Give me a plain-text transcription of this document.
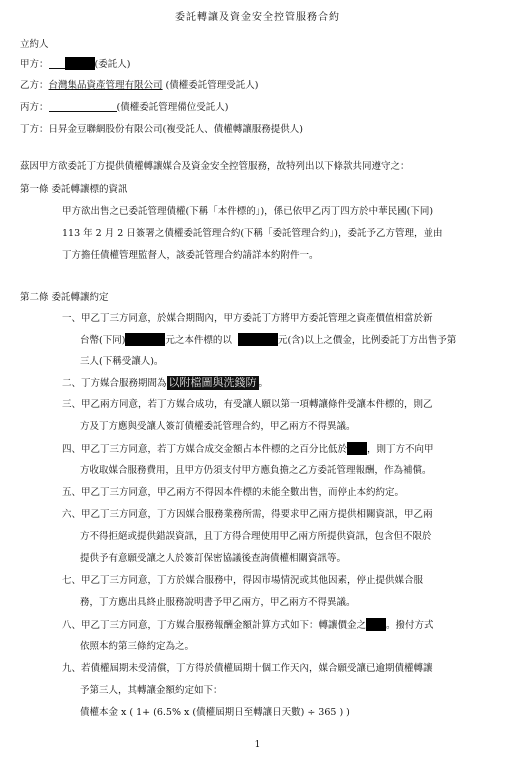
委託轉讓及資金安全控管服務合約
立約人
甲方：	(委託人)
乙方：台灣集品資產管理有限公司 (債權委託管理受託人)
丙方：	(債權委託管理備位受託人)
丁方：日昇金豆聯網股份有限公司(複受託人、債權轉讓服務提供人)
茲因甲方欲委託丁方提供債權轉讓媒合及資金安全控管服務，故特列出以下條款共同遵守之：
第一條 委託轉讓標的資訊
甲方欲出售之已委託管理債權(下稱「本件標的」)，係已依甲乙丙丁四方於中華民國(下同)
113 年 2 月 2 日簽署之債權委託管理合約(下稱「委託管理合約」)，委託予乙方管理，並由
丁方擔任債權管理監督人，該委託管理合約請詳本約附件一。
第二條 委託轉讓約定
一、甲乙丁三方同意，於媒合期間內，甲方委託丁方將甲方委託管理之資產價值相當於新
台幣(下同)	元之本件標的以	元(含)以上之價金，比例委託丁方出售予第
三人(下稱受讓人)。
二、丁方媒合服務期間為 以附檔圖與洗錢防 。
三、甲乙兩方同意，若丁方媒合成功，有受讓人願以第一項轉讓條件受讓本件標的，則乙
方及丁方應與受讓人簽訂債權委託管理合約，甲乙兩方不得異議。
四、甲乙丁三方同意，若丁方媒合成交金額占本件標的之百分比低於 ，則丁方不向甲
方收取媒合服務費用，且甲方仍須支付甲方應負擔之乙方委託管理報酬，作為補償。
五、甲乙丁三方同意，甲乙兩方不得因本件標的未能全數出售，而停止本約約定。
六、甲乙丁三方同意，丁方因媒合服務業務所需，得要求甲乙兩方提供相關資訊，甲乙兩
方不得拒絕或提供錯誤資訊，且丁方得合理使用甲乙兩方所提供資訊，包含但不限於
提供予有意願受讓之人於簽訂保密協議後查詢債權相關資訊等。
七、甲乙丁三方同意，丁方於媒合服務中，得因市場情況或其他因素，停止提供媒合服
務，丁方應出具終止服務說明書予甲乙兩方，甲乙兩方不得異議。
八、甲乙丁三方同意，丁方媒合服務報酬金額計算方式如下：轉讓價金之 。撥付方式
依照本約第三條約定為之。
九、若債權屆期未受清償，丁方得於債權屆期十個工作天內，媒合願受讓已逾期債權轉讓
予第三人，其轉讓金額約定如下：
債權本金 x ( 1+ (6.5% x (債權屆期日至轉讓日天數) ÷ 365 ) )
1
